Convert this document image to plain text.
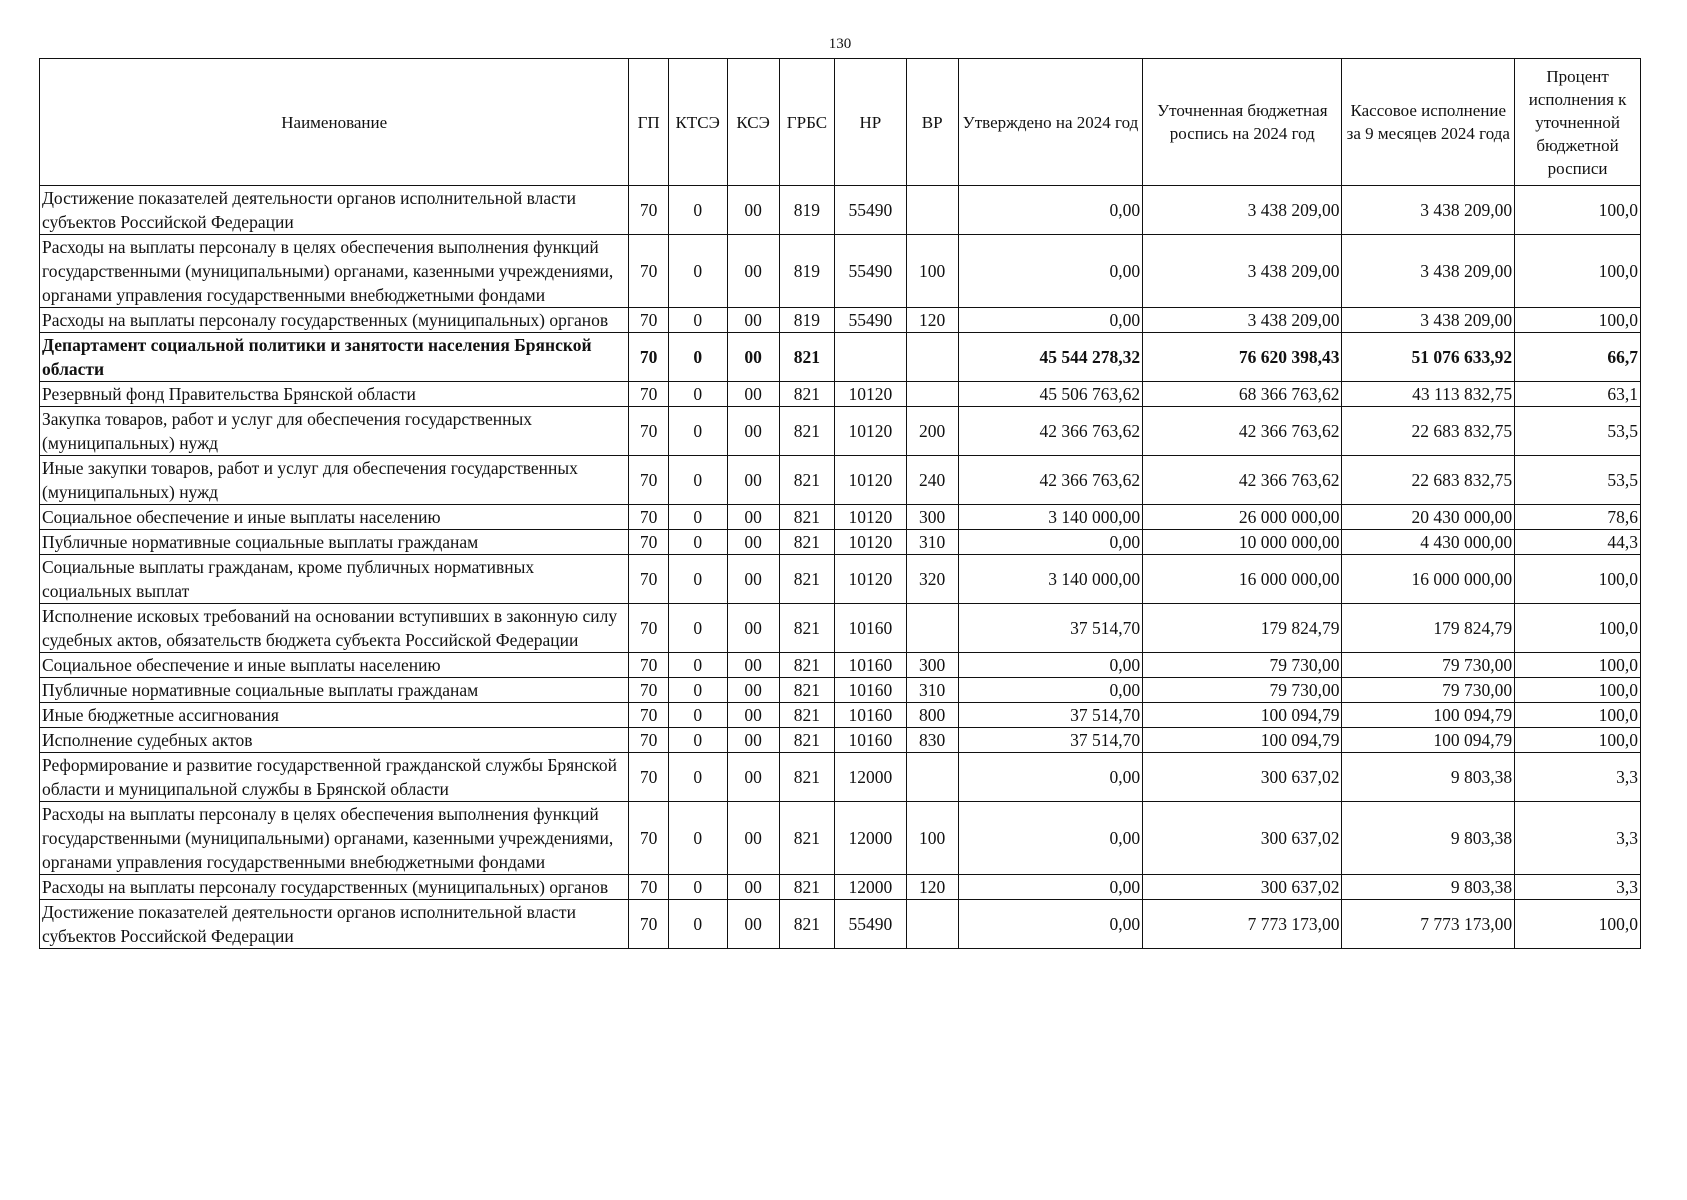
130
Наименование	ГП	КТСЭ	КСЭ	ГРБС	НР	ВР	Утверждено на 2024 год	Уточненная бюджетная роспись на 2024 год	Кассовое исполнение за 9 месяцев 2024 года	Процент исполнения к уточненной бюджетной росписи
Достижение показателей деятельности органов исполнительной власти субъектов Российской Федерации	70	0	00	819	55490		0,00	3 438 209,00	3 438 209,00	100,0
Расходы на выплаты персоналу в целях обеспечения выполнения функций государственными (муниципальными) органами, казенными учреждениями, органами управления государственными внебюджетными фондами	70	0	00	819	55490	100	0,00	3 438 209,00	3 438 209,00	100,0
Расходы на выплаты персоналу государственных (муниципальных) органов	70	0	00	819	55490	120	0,00	3 438 209,00	3 438 209,00	100,0
Департамент социальной политики и занятости населения Брянской области	70	0	00	821			45 544 278,32	76 620 398,43	51 076 633,92	66,7
Резервный фонд Правительства Брянской области	70	0	00	821	10120		45 506 763,62	68 366 763,62	43 113 832,75	63,1
Закупка товаров, работ и услуг для обеспечения государственных (муниципальных) нужд	70	0	00	821	10120	200	42 366 763,62	42 366 763,62	22 683 832,75	53,5
Иные закупки товаров, работ и услуг для обеспечения государственных (муниципальных) нужд	70	0	00	821	10120	240	42 366 763,62	42 366 763,62	22 683 832,75	53,5
Социальное обеспечение и иные выплаты населению	70	0	00	821	10120	300	3 140 000,00	26 000 000,00	20 430 000,00	78,6
Публичные нормативные социальные выплаты гражданам	70	0	00	821	10120	310	0,00	10 000 000,00	4 430 000,00	44,3
Социальные выплаты гражданам, кроме публичных нормативных социальных выплат	70	0	00	821	10120	320	3 140 000,00	16 000 000,00	16 000 000,00	100,0
Исполнение исковых требований на основании вступивших в законную силу судебных актов, обязательств бюджета субъекта Российской Федерации	70	0	00	821	10160		37 514,70	179 824,79	179 824,79	100,0
Социальное обеспечение и иные выплаты населению	70	0	00	821	10160	300	0,00	79 730,00	79 730,00	100,0
Публичные нормативные социальные выплаты гражданам	70	0	00	821	10160	310	0,00	79 730,00	79 730,00	100,0
Иные бюджетные ассигнования	70	0	00	821	10160	800	37 514,70	100 094,79	100 094,79	100,0
Исполнение судебных актов	70	0	00	821	10160	830	37 514,70	100 094,79	100 094,79	100,0
Реформирование и развитие государственной гражданской службы Брянской области и муниципальной службы в Брянской области	70	0	00	821	12000		0,00	300 637,02	9 803,38	3,3
Расходы на выплаты персоналу в целях обеспечения выполнения функций государственными (муниципальными) органами, казенными учреждениями, органами управления государственными внебюджетными фондами	70	0	00	821	12000	100	0,00	300 637,02	9 803,38	3,3
Расходы на выплаты персоналу государственных (муниципальных) органов	70	0	00	821	12000	120	0,00	300 637,02	9 803,38	3,3
Достижение показателей деятельности органов исполнительной власти субъектов Российской Федерации	70	0	00	821	55490		0,00	7 773 173,00	7 773 173,00	100,0
